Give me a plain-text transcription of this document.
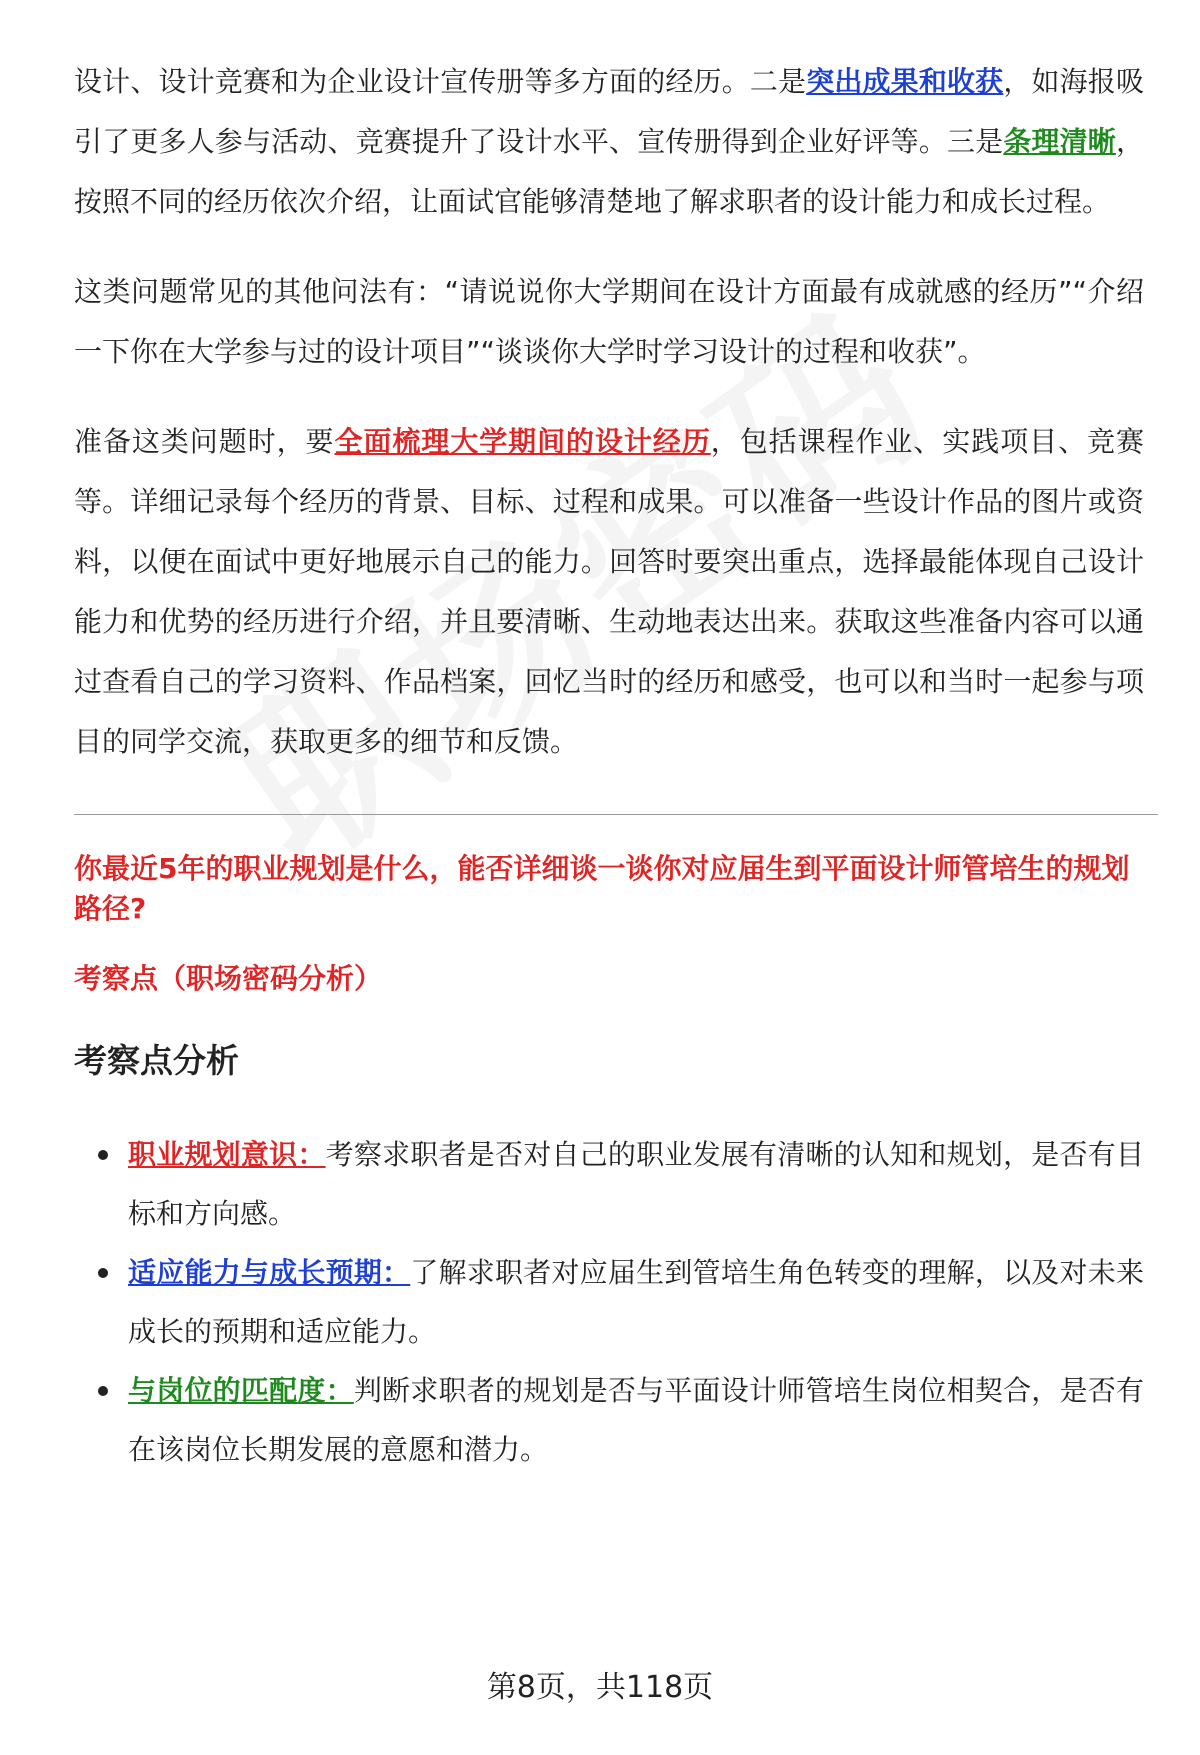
设计、设计竞赛和为企业设计宣传册等多方面的经历。二是突出成果和收获，如海报吸引了更多人参与活动、竞赛提升了设计水平、宣传册得到企业好评等。三是条理清晰，按照不同的经历依次介绍，让面试官能够清楚地了解求职者的设计能力和成长过程。

这类问题常见的其他问法有：“请说说你大学期间在设计方面最有成就感的经历”“介绍一下你在大学参与过的设计项目”“谈谈你大学时学习设计的过程和收获”。

准备这类问题时，要全面梳理大学期间的设计经历，包括课程作业、实践项目、竞赛等。详细记录每个经历的背景、目标、过程和成果。可以准备一些设计作品的图片或资料，以便在面试中更好地展示自己的能力。回答时要突出重点，选择最能体现自己设计能力和优势的经历进行介绍，并且要清晰、生动地表达出来。获取这些准备内容可以通过查看自己的学习资料、作品档案，回忆当时的经历和感受，也可以和当时一起参与项目的同学交流，获取更多的细节和反馈。

你最近5年的职业规划是什么，能否详细谈一谈你对应届生到平面设计师管培生的规划路径?
考察点（职场密码分析）
考察点分析
职业规划意识：考察求职者是否对自己的职业发展有清晰的认知和规划，是否有目标和方向感。
适应能力与成长预期：了解求职者对应届生到管培生角色转变的理解，以及对未来成长的预期和适应能力。
与岗位的匹配度：判断求职者的规划是否与平面设计师管培生岗位相契合，是否有在该岗位长期发展的意愿和潜力。
第8页，共118页
